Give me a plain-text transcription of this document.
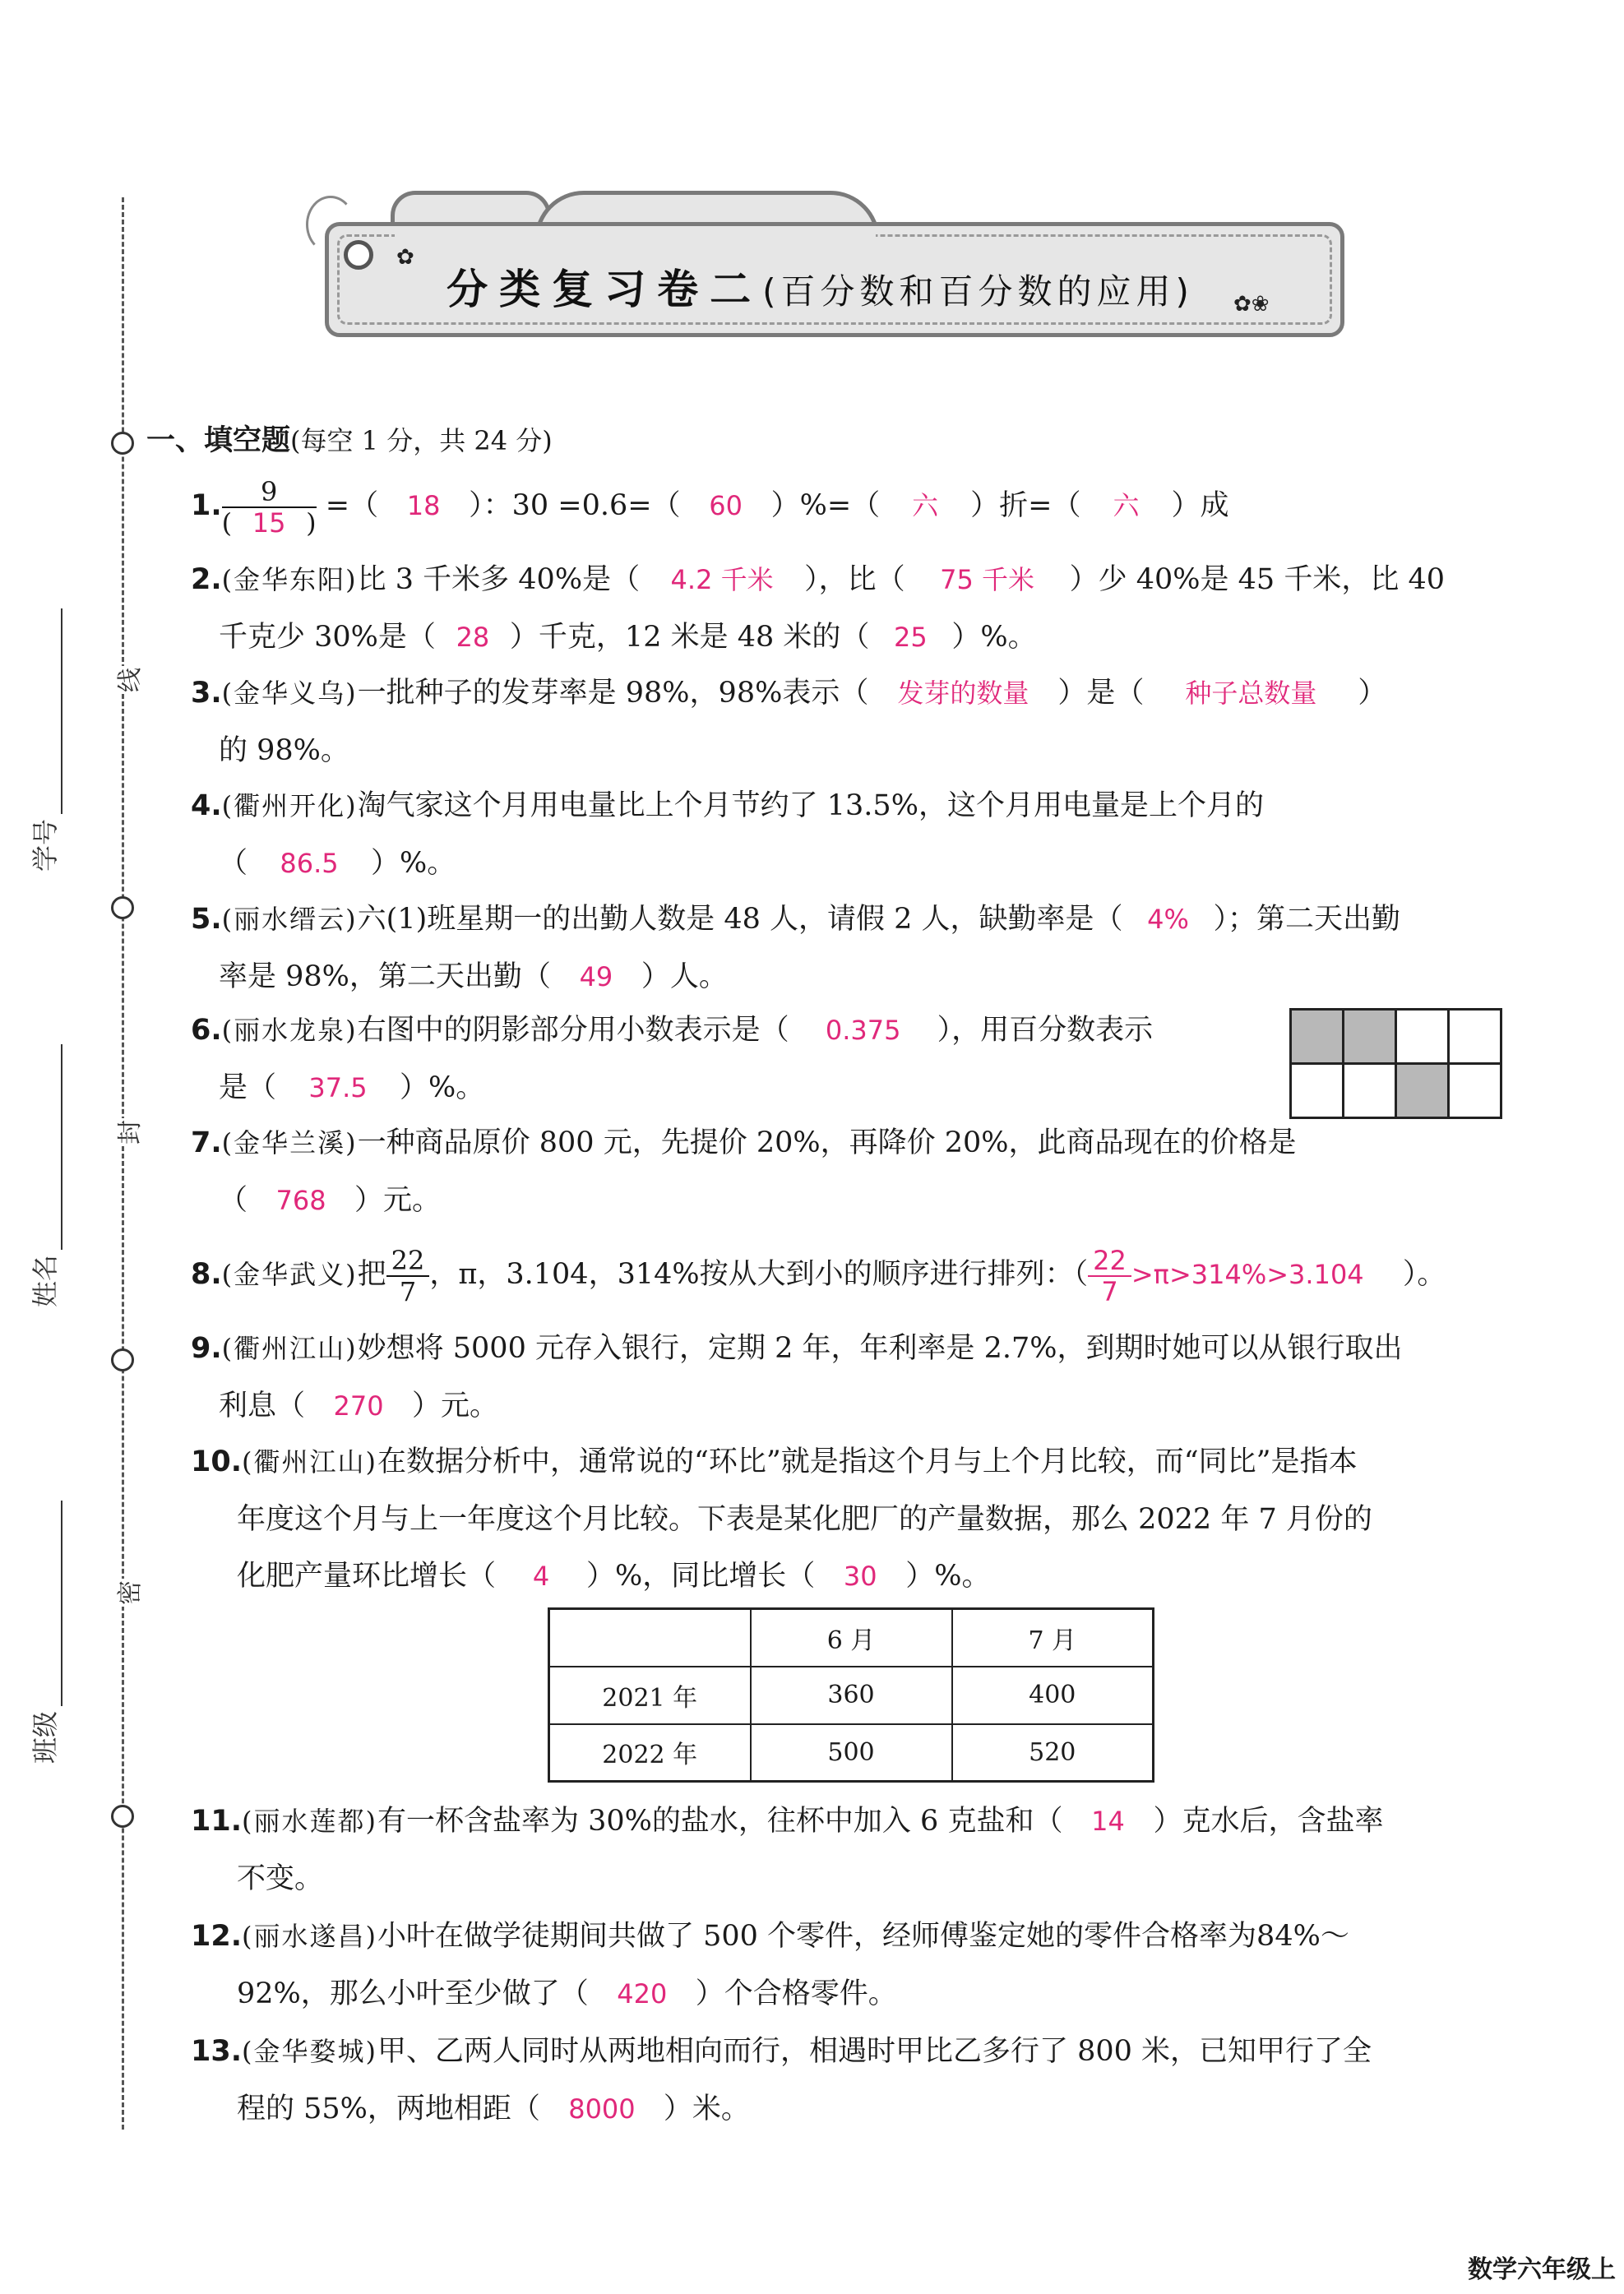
线
封
密
学号
姓名
班级
✿
✿❀
分类复习卷二(百分数和百分数的应用)
一、填空题(每空 1 分，共 24 分)
1. $\frac{9}{( 15 )}$ =（ 18 ）：30 =0.6=（ 60 ）%=（ 六 ）折=（ 六 ）成
2.(金华东阳)比 3 千米多 40%是（ 4.2 千米 ），比（ 75 千米 ）少 40%是 45 千米，比 40
千克少 30%是（ 28 ）千克，12 米是 48 米的（ 25 ）%。
3.(金华义乌)一批种子的发芽率是 98%，98%表示（ 发芽的数量 ）是（ 种子总数量 ）
的 98%。
4.(衢州开化)淘气家这个月用电量比上个月节约了 13.5%，这个月用电量是上个月的
（ 86.5 ）%。
5.(丽水缙云)六(1)班星期一的出勤人数是 48 人，请假 2 人，缺勤率是（ 4% ）；第二天出勤
率是 98%，第二天出勤（ 49 ）人。
6.(丽水龙泉)右图中的阴影部分用小数表示是（ 0.375 ），用百分数表示
是（ 37.5 ）%。

7.(金华兰溪)一种商品原价 800 元，先提价 20%，再降价 20%，此商品现在的价格是
（ 768 ）元。
8.(金华武义)把 $\frac{22}{7}$ ，π，3.104，314%按从大到小的顺序进行排列：（ $\frac{22}{7} >\pi>314\%>3.104$ ）。
9.(衢州江山)妙想将 5000 元存入银行，定期 2 年，年利率是 2.7%，到期时她可以从银行取出
利息（ 270 ）元。
10.(衢州江山)在数据分析中，通常说的“环比”就是指这个月与上个月比较，而“同比”是指本
年度这个月与上一年度这个月比较。下表是某化肥厂的产量数据，那么 2022 年 7 月份的
化肥产量环比增长（ 4 ）%，同比增长（ 30 ）%。
	6 月	7 月
2021 年	360	400
2022 年	500	520
11.(丽水莲都)有一杯含盐率为 30%的盐水，往杯中加入 6 克盐和（ 14 ）克水后，含盐率
不变。
12.(丽水遂昌)小叶在做学徒期间共做了 500 个零件，经师傅鉴定她的零件合格率为84%～
92%，那么小叶至少做了（ 420 ）个合格零件。
13.(金华婺城)甲、乙两人同时从两地相向而行，相遇时甲比乙多行了 800 米，已知甲行了全
程的 55%，两地相距（ 8000 ）米。
数学六年级上
